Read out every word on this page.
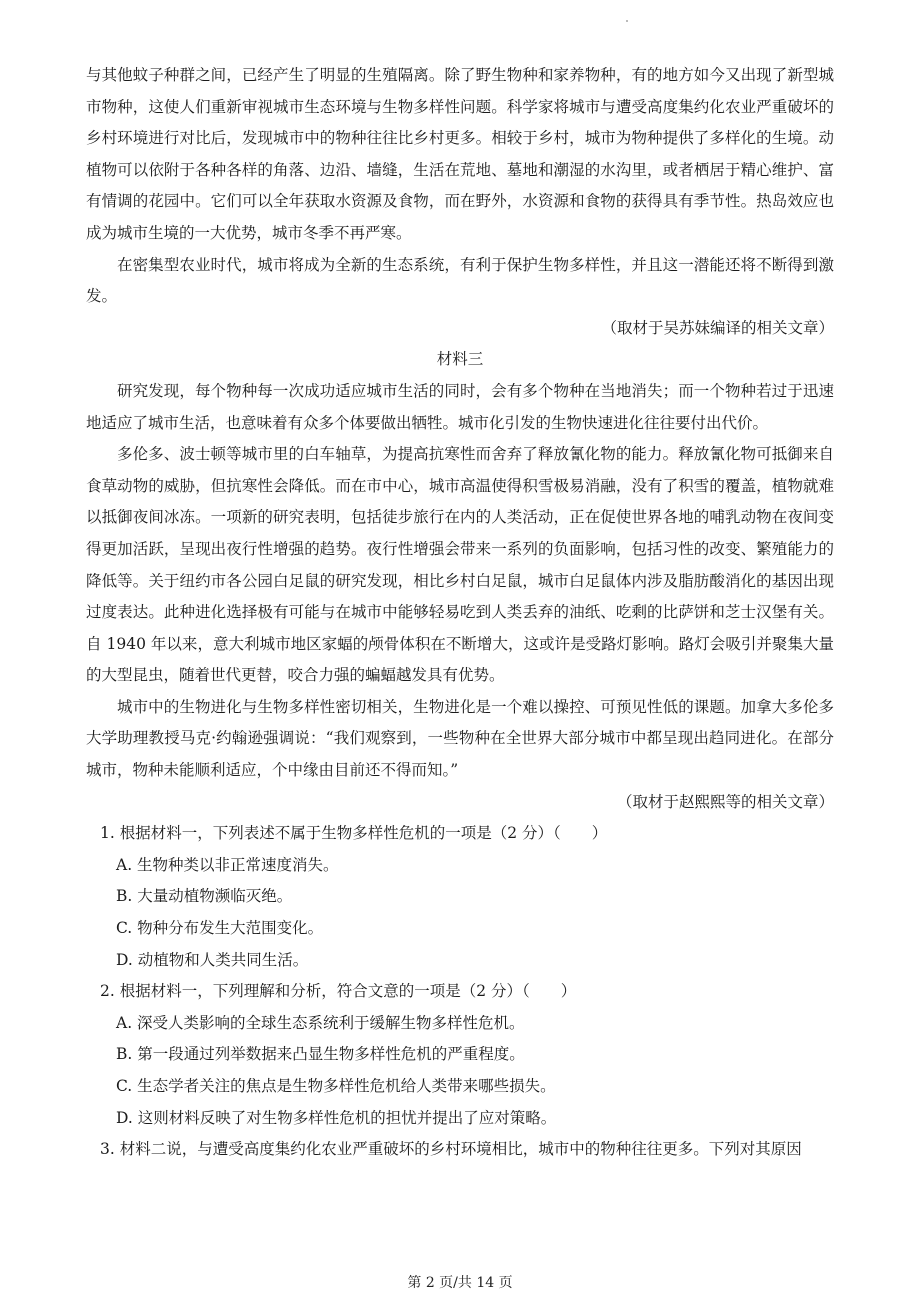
与其他蚊子种群之间，已经产生了明显的生殖隔离。除了野生物种和家养物种，有的地方如今又出现了新型城市物种，这使人们重新审视城市生态环境与生物多样性问题。科学家将城市与遭受高度集约化农业严重破坏的乡村环境进行对比后，发现城市中的物种往往比乡村更多。相较于乡村，城市为物种提供了多样化的生境。动植物可以依附于各种各样的角落、边沿、墙缝，生活在荒地、墓地和潮湿的水沟里，或者栖居于精心维护、富有情调的花园中。它们可以全年获取水资源及食物，而在野外，水资源和食物的获得具有季节性。热岛效应也成为城市生境的一大优势，城市冬季不再严寒。

在密集型农业时代，城市将成为全新的生态系统，有利于保护生物多样性，并且这一潜能还将不断得到激发。

（取材于吴苏妹编译的相关文章）

材料三

研究发现，每个物种每一次成功适应城市生活的同时，会有多个物种在当地消失；而一个物种若过于迅速地适应了城市生活，也意味着有众多个体要做出牺牲。城市化引发的生物快速进化往往要付出代价。

多伦多、波士顿等城市里的白车轴草，为提高抗寒性而舍弃了释放氰化物的能力。释放氰化物可抵御来自食草动物的威胁，但抗寒性会降低。而在市中心，城市高温使得积雪极易消融，没有了积雪的覆盖，植物就难以抵御夜间冰冻。一项新的研究表明，包括徒步旅行在内的人类活动，正在促使世界各地的哺乳动物在夜间变得更加活跃，呈现出夜行性增强的趋势。夜行性增强会带来一系列的负面影响，包括习性的改变、繁殖能力的降低等。关于纽约市各公园白足鼠的研究发现，相比乡村白足鼠，城市白足鼠体内涉及脂肪酸消化的基因出现过度表达。此种进化选择极有可能与在城市中能够轻易吃到人类丢弃的油纸、吃剩的比萨饼和芝士汉堡有关。自 1940 年以来，意大利城市地区家蝠的颅骨体积在不断增大，这或许是受路灯影响。路灯会吸引并聚集大量的大型昆虫，随着世代更替，咬合力强的蝙蝠越发具有优势。

城市中的生物进化与生物多样性密切相关，生物进化是一个难以操控、可预见性低的课题。加拿大多伦多大学助理教授马克·约翰逊强调说：“我们观察到，一些物种在全世界大部分城市中都呈现出趋同进化。在部分城市，物种未能顺利适应，个中缘由目前还不得而知。”

（取材于赵熙熙等的相关文章）

1. 根据材料一，下列表述不属于生物多样性危机的一项是（2 分）（　　）

A. 生物种类以非正常速度消失。

B. 大量动植物濒临灭绝。

C. 物种分布发生大范围变化。

D. 动植物和人类共同生活。

2. 根据材料一，下列理解和分析，符合文意的一项是（2 分）（　　）

A. 深受人类影响的全球生态系统利于缓解生物多样性危机。

B. 第一段通过列举数据来凸显生物多样性危机的严重程度。

C. 生态学者关注的焦点是生物多样性危机给人类带来哪些损失。

D. 这则材料反映了对生物多样性危机的担忧并提出了应对策略。

3. 材料二说，与遭受高度集约化农业严重破坏的乡村环境相比，城市中的物种往往更多。下列对其原因

第 2 页/共 14 页
